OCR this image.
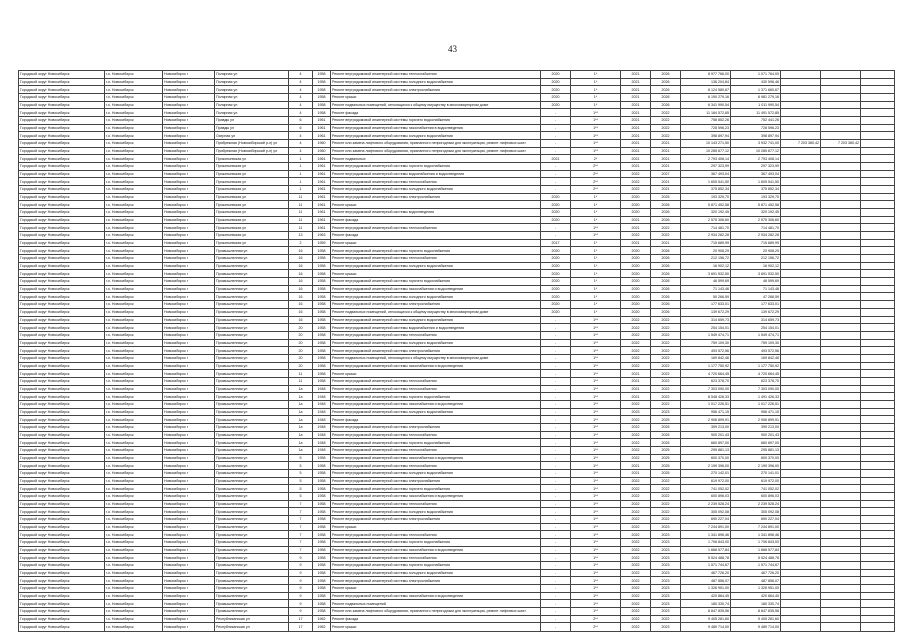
43
Городской округ Новосибирск	г.о. Новосибирск	Новосибирск г	Полярная ул	4	1958	Ремонт внутридомовой инженерной системы теплоснабжения	2020	1*	2021	2026	8 977 766,00	1 071 764,00			
Городской округ Новосибирск	г.о. Новосибирск	Новосибирск г	Полярная ул	4	1958	Ремонт внутридомовой инженерной системы холодного водоснабжения	2020	1*	2021	2026	136 204,84	430 596,46			
Городской округ Новосибирск	г.о. Новосибирск	Новосибирск г	Полярная ул	4	1958	Ремонт внутридомовой инженерной системы электроснабжения	2020	1*	2021	2026	8 124 580,67	1 371 660,67			
Городской округ Новосибирск	г.о. Новосибирск	Новосибирск г	Полярная ул	4	1958	Ремонт крыши	2020	1*	2021	2026	6 190 279,16	6 981 279,16			
Городской округ Новосибирск	г.о. Новосибирск	Новосибирск г	Полярная ул	4	1958	Ремонт подвальных помещений, относящихся к общему имуществу в многоквартирном доме	2020	1*	2021	2026	6 341 990,54	1 011 990,54			
Городской округ Новосибирск	г.о. Новосибирск	Новосибирск г	Полярная ул	4	1958	Ремонт фасада	-	1**	2021	2022	11 184 572,85	11 491 572,85			
Городской округ Новосибирск	г.о. Новосибирск	Новосибирск г	Правды ул	6	1961	Ремонт внутридомовой инженерной системы горячего водоснабжения	-	1**	2021	2022	758 852,26	752 441,26			
Городской округ Новосибирск	г.о. Новосибирск	Новосибирск г	Правды ул	6	1961	Ремонт внутридомовой инженерной системы газоснабжения в водоотведения	-	1**	2021	2022	728 596,23	728 596,23			
Городской округ Новосибирск	г.о. Новосибирск	Новосибирск г	Озерная ул	4	1961	Ремонт внутридомовой инженерной системы холодного водоснабжения	-	1**	2021	2022	398 897,94	398 897,94			
Городской округ Новосибирск	г.о. Новосибирск	Новосибирск г	Прибрежная (Новосибирский р-н) ул	4	1960	Ремонт или замена лифтового оборудования, признанного непригодным для эксплуатации, ремонт лифтовых шахт	-	1**	2021	2021	10 143 271,50	3 932 741,00	7 203 380,42	7 203 380,42	
Городской округ Новосибирск	г.о. Новосибирск	Новосибирск г	Прибрежная (Новосибирский р-н) ул	4	1960	Ремонт или замена лифтового оборудования, признанного непригодным для эксплуатации, ремонт лифтовых шахт	-	1**	2021	2021	10 285 677,12	10 285 677,12			
Городской округ Новосибирск	г.о. Новосибирск	Новосибирск г	Прокопьевская ул	1	1961	Ремонт подвальных	2021	2*	2021	2021	2 793 408,14	2 793 408,14			
Городской округ Новосибирск	г.о. Новосибирск	Новосибирск г	Прокопьевская ул	1	1961	Ремонт внутридомовой инженерной системы горячего водоснабжения	-	2**	2021	2021	297 323,99	297 323,99			
Городской округ Новосибирск	г.о. Новосибирск	Новосибирск г	Прокопьевская ул	1	1961	Ремонт внутридомовой инженерной системы водоснабжения и водоотведения	-	2**	2022	2027	367 493,04	367 493,04			
Городской округ Новосибирск	г.о. Новосибирск	Новосибирск г	Прокопьевская ул	1	1961	Ремонт внутридомовой инженерной системы теплоснабжения	-	2**	2022	2021	1 605 541,50	1 605 541,50			
Городской округ Новосибирск	г.о. Новосибирск	Новосибирск г	Прокопьевская ул	1	1961	Ремонт внутридомовой инженерной системы холодного водоснабжения	-	2**	2022	2021	375 852,34	375 852,34			
Городской округ Новосибирск	г.о. Новосибирск	Новосибирск г	Прокопьевская ул	11	1961	Ремонт внутридомовой инженерной системы электроснабжения	2020	1*	2020	2025	193 329,70	193 329,70			
Городской округ Новосибирск	г.о. Новосибирск	Новосибирск г	Прокопьевская ул	11	1961	Ремонт крыши	2020	1*	2020	2026	5 871 452,58	5 871 452,58			
Городской округ Новосибирск	г.о. Новосибирск	Новосибирск г	Прокопьевская ул	11	1961	Ремонт внутридомовой инженерной системы водоотведения	2020	1*	2020	2026	320 192,45	320 192,45			
Городской округ Новосибирск	г.о. Новосибирск	Новосибирск г	Прокопьевская ул	11	1961	Ремонт фасада	2020	1*	2021	2026	2 575 306,60	2 575 306,60			
Городской округ Новосибирск	г.о. Новосибирск	Новосибирск г	Прокопьевская ул	11	1961	Ремонт внутридомовой инженерной системы теплоснабжения	-	1**	2021	2022	714 481,70	714 481,70			
Городской округ Новосибирск	г.о. Новосибирск	Новосибирск г	Прокопьевская ул	13	1963	Ремонт фасада	-	1**	2022	2022	2 934 282,28	2 934 282,28			
Городской округ Новосибирск	г.о. Новосибирск	Новосибирск г	Прокопьевская ул	2	1959	Ремонт крыши	2017	1*	2021	2021	715 689,99	715 689,99			
Городской округ Новосибирск	г.о. Новосибирск	Новосибирск г	Промышленная ул	16	1958	Ремонт внутридомовой инженерной системы горячего водоснабжения	2020	1*	2020	2026	20 908,29	20 908,29			
Городской округ Новосибирск	г.о. Новосибирск	Новосибирск г	Промышленная ул	16	1958	Ремонт внутридомовой инженерной системы теплоснабжения	2020	1*	2020	2026	212 156,72	212 156,72			
Городской округ Новосибирск	г.о. Новосибирск	Новосибирск г	Промышленная ул	16	1958	Ремонт внутридомовой инженерной системы холодного водоснабжения	2020	1*	2020	2026	16 902,12	16 902,12			
Городской округ Новосибирск	г.о. Новосибирск	Новосибирск г	Промышленная ул	16	1958	Ремонт крыши	2020	1*	2020	2026	3 691 532,50	3 691 532,50			
Городской округ Новосибирск	г.о. Новосибирск	Новосибирск г	Промышленная ул	16	1958	Ремонт внутридомовой инженерной системы горячего водоснабжения	2020	1*	2020	2026	46 599,69	46 599,69			
Городской округ Новосибирск	г.о. Новосибирск	Новосибирск г	Промышленная ул	16	1958	Ремонт внутридомовой инженерной системы газоснабжения и водоотведения	2020	1*	2020	2026	71 143,46	71 143,46			
Городской округ Новосибирск	г.о. Новосибирск	Новосибирск г	Промышленная ул	16	1958	Ремонт внутридомовой инженерной системы холодного водоснабжения	2020	1*	2020	2026	50 266,59	47 268,59			
Городской округ Новосибирск	г.о. Новосибирск	Новосибирск г	Промышленная ул	16	1958	Ремонт внутридомовой инженерной системы электроснабжения	2020	1*	2020	2026	177 633,01	177 633,01			
Городской округ Новосибирск	г.о. Новосибирск	Новосибирск г	Промышленная ул	16	1958	Ремонт подвальных помещений, относящихся к общему имуществу в многоквартирном доме	2020	1*	2020	2026	139 672,29	139 672,29			
Городской округ Новосибирск	г.о. Новосибирск	Новосибирск г	Промышленная ул	16	1958	Ремонт внутридомовой инженерной системы холодного водоснабжения	-	1**	2022	2022	314 659,73	314 659,73			
Городской округ Новосибирск	г.о. Новосибирск	Новосибирск г	Промышленная ул	20	1958	Ремонт внутридомовой инженерной системы водоснабжения и водоотведения	-	1**	2022	2022	254 154,01	254 154,01			
Городской округ Новосибирск	г.о. Новосибирск	Новосибирск г	Промышленная ул	20	1958	Ремонт внутридомовой инженерной системы теплоснабжения	-	1**	2022	2022	1 549 474,71	1 549 474,71			
Городской округ Новосибирск	г.о. Новосибирск	Новосибирск г	Промышленная ул	20	1958	Ремонт внутридомовой инженерной системы холодного водоснабжения	-	1**	2022	2022	759 109,30	759 109,30			
Городской округ Новосибирск	г.о. Новосибирск	Новосибирск г	Промышленная ул	20	1958	Ремонт внутридомовой инженерной системы электроснабжения	-	1**	2022	2022	493 572,56	493 572,56			
Городской округ Новосибирск	г.о. Новосибирск	Новосибирск г	Промышленная ул	20	1958	Ремонт подвальных помещений, относящихся к общему имуществу в многоквартирном доме	-	1**	2022	2022	169 842,46	169 842,46			
Городской округ Новосибирск	г.о. Новосибирск	Новосибирск г	Промышленная ул	20	1958	Ремонт внутридомовой инженерной системы газоснабжения и водоотведения	-	1**	2022	2022	1 177 750,92	1 177 750,92			
Городской округ Новосибирск	г.о. Новосибирск	Новосибирск г	Промышленная ул	11	1958	Ремонт крыши	-	1**	2021	2022	4 720 664,45	4 720 664,45			
Городской округ Новосибирск	г.о. Новосибирск	Новосибирск г	Промышленная ул	11	1958	Ремонт внутридомовой инженерной системы теплоснабжения	-	1**	2021	2022	623 378,70	623 378,70			
Городской округ Новосибирск	г.о. Новосибирск	Новосибирск г	Промышленная ул	1а	1948	Ремонт внутридомовой инженерной системы теплоснабжения	-	1**	2021	2022	7 303 090,00	7 303 090,00			
Городской округ Новосибирск	г.о. Новосибирск	Новосибирск г	Промышленная ул	1а	1948	Ремонт внутридомовой инженерной системы горячего водоснабжения	-	1**	2021	2022	8 548 426,33	1 491 426,33			
Городской округ Новосибирск	г.о. Новосибирск	Новосибирск г	Промышленная ул	1а	1948	Ремонт внутридомовой инженерной системы газоснабжения и водоотведения	-	1**	2022	2022	1 017 226,51	1 017 226,51			
Городской округ Новосибирск	г.о. Новосибирск	Новосибирск г	Промышленная ул	1а	1948	Ремонт внутридомовой инженерной системы холодного водоснабжения	-	1**	2023	2023	956 471,15	956 471,15			
Городской округ Новосибирск	г.о. Новосибирск	Новосибирск г	Промышленная ул	1а	1948	Ремонт фасада	-	1**	2022	2025	2 906 899,91	2 906 899,91			
Городской округ Новосибирск	г.о. Новосибирск	Новосибирск г	Промышленная ул	1а	1948	Ремонт внутридомовой инженерной системы электроснабжения	-	1**	2022	2025	399 213,00	399 213,00			
Городской округ Новосибирск	г.о. Новосибирск	Новосибирск г	Промышленная ул	1а	1948	Ремонт внутридомовой инженерной системы теплоснабжения	-	1**	2022	2025	900 201,43	900 201,43			
Городской округ Новосибирск	г.о. Новосибирск	Новосибирск г	Промышленная ул	1а	1948	Ремонт внутридомовой инженерной системы горячего водоснабжения	-	1**	2022	2025	660 897,00	660 897,00			
Городской округ Новосибирск	г.о. Новосибирск	Новосибирск г	Промышленная ул	1а	1948	Ремонт внутридомовой инженерной системы теплоснабжения	-	1**	2022	2025	295 881,13	295 881,13			
Городской округ Новосибирск	г.о. Новосибирск	Новосибирск г	Промышленная ул	5	1958	Ремонт внутридомовой инженерной системы газоснабжения и водоотведения	-	1**	2022	2025	600 370,00	600 370,00			
Городской округ Новосибирск	г.о. Новосибирск	Новосибирск г	Промышленная ул	5	1958	Ремонт внутридомовой инженерной системы теплоснабжения	-	1**	2021	2025	2 199 396,00	2 199 396,00			
Городской округ Новосибирск	г.о. Новосибирск	Новосибирск г	Промышленная ул	5	1958	Ремонт внутридомовой инженерной системы холодного водоснабжения	-	1**	2021	2025	270 142,01	270 141,01			
Городской округ Новосибирск	г.о. Новосибирск	Новосибирск г	Промышленная ул	5	1958	Ремонт внутридомовой инженерной системы электроснабжения	-	1**	2022	2022	619 972,00	619 972,00			
Городской округ Новосибирск	г.о. Новосибирск	Новосибирск г	Промышленная ул	5	1958	Ремонт внутридомовой инженерной системы горячего водоснабжения	-	1**	2022	2022	741 052,02	741 052,02			
Городской округ Новосибирск	г.о. Новосибирск	Новосибирск г	Промышленная ул	5	1958	Ремонт внутридомовой инженерной системы газоснабжения и водоотведения	-	1**	2022	2022	600 896,03	600 896,03			
Городской округ Новосибирск	г.о. Новосибирск	Новосибирск г	Промышленная ул	7	1958	Ремонт внутридомовой инженерной системы теплоснабжения	-	1**	2022	2022	2 239 528,24	2 239 528,24			
Городской округ Новосибирск	г.о. Новосибирск	Новосибирск г	Промышленная ул	7	1958	Ремонт внутридомовой инженерной системы холодного водоснабжения	-	1**	2022	2022	305 092,08	305 092,08			
Городской округ Новосибирск	г.о. Новосибирск	Новосибирск г	Промышленная ул	7	1958	Ремонт внутридомовой инженерной системы электроснабжения	-	1**	2022	2022	690 227,04	690 227,04			
Городской округ Новосибирск	г.о. Новосибирск	Новосибирск г	Промышленная ул	7	1958	Ремонт крыши	-	1**	2022	2023	7 244 891,00	7 244 891,00			
Городской округ Новосибирск	г.о. Новосибирск	Новосибирск г	Промышленная ул	7	1958	Ремонт внутридомовой инженерной системы теплоснабжения	-	1**	2022	2023	1 341 896,46	1 341 896,46			
Городской округ Новосибирск	г.о. Новосибирск	Новосибирск г	Промышленная ул	7	1958	Ремонт внутридомовой инженерной системы горячего водоснабжения	-	1**	2022	2023	1 706 843,00	1 706 843,00			
Городской округ Новосибирск	г.о. Новосибирск	Новосибирск г	Промышленная ул	7	1958	Ремонт внутридомовой инженерной системы газоснабжения и водоотведения	-	1**	2022	2023	1 668 577,84	1 668 577,84			
Городской округ Новосибирск	г.о. Новосибирск	Новосибирск г	Промышленная ул	9	1958	Ремонт внутридомовой инженерной системы теплоснабжения	-	1**	2022	2023	5 524 488,78	5 524 488,78			
Городской округ Новосибирск	г.о. Новосибирск	Новосибирск г	Промышленная ул	9	1958	Ремонт внутридомовой инженерной системы горячего водоснабжения	-	1**	2022	2023	1 571 744,67	1 571 744,67			
Городской округ Новосибирск	г.о. Новосибирск	Новосибирск г	Промышленная ул	9	1958	Ремонт внутридомовой инженерной системы холодного водоснабжения	-	1**	2022	2023	467 726,20	467 726,20			
Городской округ Новосибирск	г.о. Новосибирск	Новосибирск г	Промышленная ул	9	1958	Ремонт внутридомовой инженерной системы электроснабжения	-	1**	2022	2023	487 856,07	487 856,07			
Городской округ Новосибирск	г.о. Новосибирск	Новосибирск г	Промышленная ул	9	1958	Ремонт крыши	-	1**	2022	2023	1 326 951,00	1 326 951,00			
Городской округ Новосибирск	г.о. Новосибирск	Новосибирск г	Промышленная ул	9	1958	Ремонт внутридомовой инженерной системы газоснабжения и водоотведения	-	1**	2022	2023	420 864,45	420 864,45			
Городской округ Новосибирск	г.о. Новосибирск	Новосибирск г	Промышленная ул	9	1958	Ремонт подвальных помещений	-	1**	2022	2023	180 330,74	180 330,74			
Городской округ Новосибирск	г.о. Новосибирск	Новосибирск г	Промышленная ул	9	1958	Ремонт или замена лифтового оборудования, признанного непригодным для эксплуатации, ремонт лифтовых шахт	-	1**	2022	2023	8 847 835,56	8 847 835,56			
Городской округ Новосибирск	г.о. Новосибирск	Новосибирск г	Республиканская ул	17	1962	Ремонт фасада	-	2**	2022	2022	9 405 281,60	9 405 281,60			
Городской округ Новосибирск	г.о. Новосибирск	Новосибирск г	Республиканская ул	17	1962	Ремонт крыши	-	2**	2022	2023	9 489 714,00	9 489 714,00			
